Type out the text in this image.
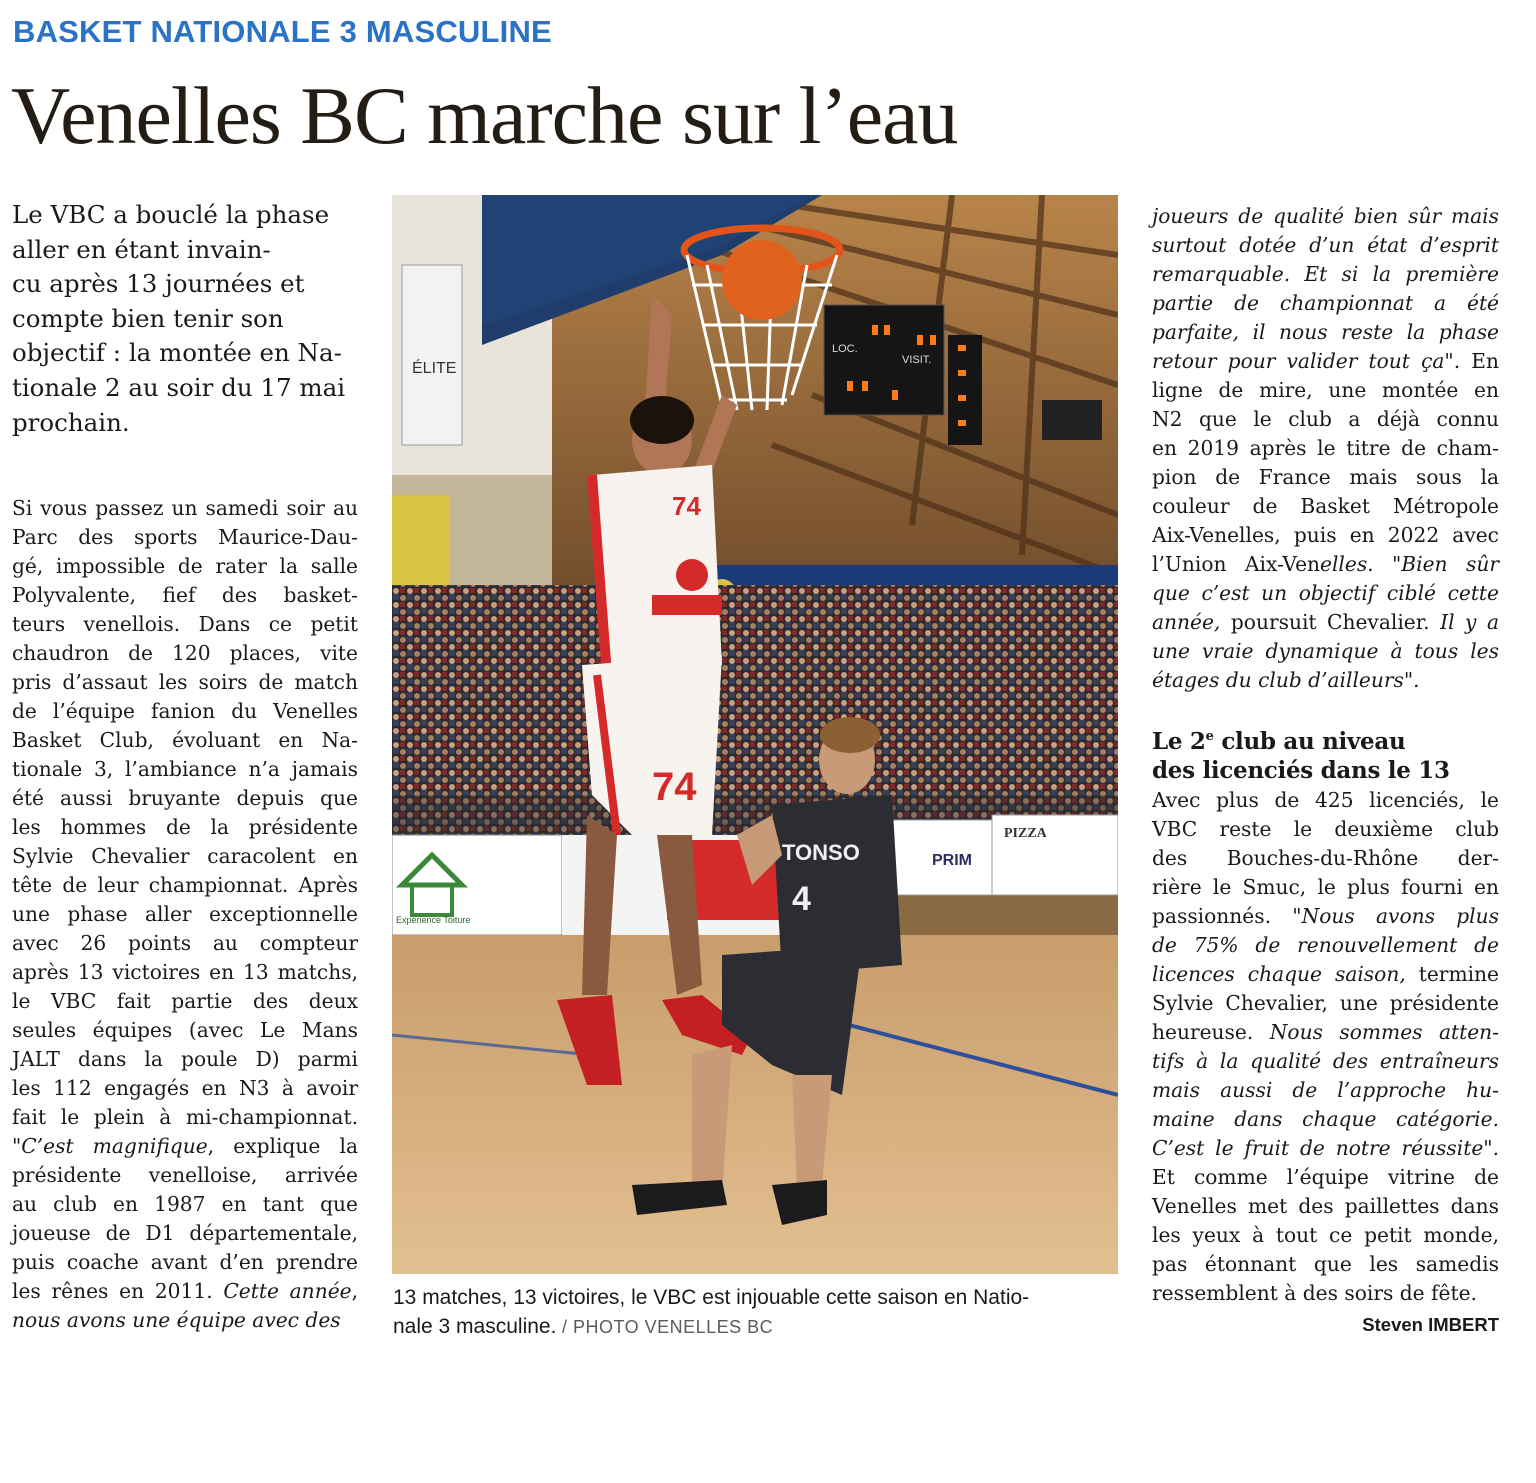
BASKET NATIONALE 3 MASCULINE
Venelles BC marche sur l’eau
Le VBC a bouclé la phase
aller en étant invain-
cu après 13 journées et
compte bien tenir son
objectif : la montée en Na-
tionale 2 au soir du 17 mai
prochain.
Si vous passez un samedi soir au
Parc des sports Maurice-Dau-
gé, impossible de rater la salle
Polyvalente, fief des basket-
teurs venellois. Dans ce petit
chaudron de 120 places, vite
pris d’assaut les soirs de match
de l’équipe fanion du Venelles
Basket Club, évoluant en Na-
tionale 3, l’ambiance n’a jamais
été aussi bruyante depuis que
les hommes de la présidente
Sylvie Chevalier caracolent en
tête de leur championnat. Après
une phase aller exceptionnelle
avec 26 points au compteur
après 13 victoires en 13 matchs,
le VBC fait partie des deux
seules équipes (avec Le Mans
JALT dans la poule D) parmi
les 112 engagés en N3 à avoir
fait le plein à mi-championnat.
"C’est magnifique, explique la
présidente venelloise, arrivée
au club en 1987 en tant que
joueuse de D1 départementale,
puis coache avant d’en prendre
les rênes en 2011. Cette année,
nous avons une équipe avec des
ÉLITE
LOC.
VISIT.
Expérience Toiture
PRIM
PIZZA
74
74
TONSO
4
13 matches, 13 victoires, le VBC est injouable cette saison en Natio-
nale 3 masculine. / PHOTO VENELLES BC
joueurs de qualité bien sûr mais
surtout dotée d’un état d’esprit
remarquable. Et si la première
partie de championnat a été
parfaite, il nous reste la phase
retour pour valider tout ça". En
ligne de mire, une montée en
N2 que le club a déjà connu
en 2019 après le titre de cham-
pion de France mais sous la
couleur de Basket Métropole
Aix-Venelles, puis en 2022 avec
l’Union Aix-Venelles. "Bien sûr
que c’est un objectif ciblé cette
année, poursuit Chevalier. Il y a
une vraie dynamique à tous les
étages du club d’ailleurs".
Le 2e club au niveau
des licenciés dans le 13
Avec plus de 425 licenciés, le
VBC reste le deuxième club
des Bouches-du-Rhône der-
rière le Smuc, le plus fourni en
passionnés. "Nous avons plus
de 75% de renouvellement de
licences chaque saison, termine
Sylvie Chevalier, une présidente
heureuse. Nous sommes atten-
tifs à la qualité des entraîneurs
mais aussi de l’approche hu-
maine dans chaque catégorie.
C’est le fruit de notre réussite".
Et comme l’équipe vitrine de
Venelles met des paillettes dans
les yeux à tout ce petit monde,
pas étonnant que les samedis
ressemblent à des soirs de fête.
Steven IMBERT
